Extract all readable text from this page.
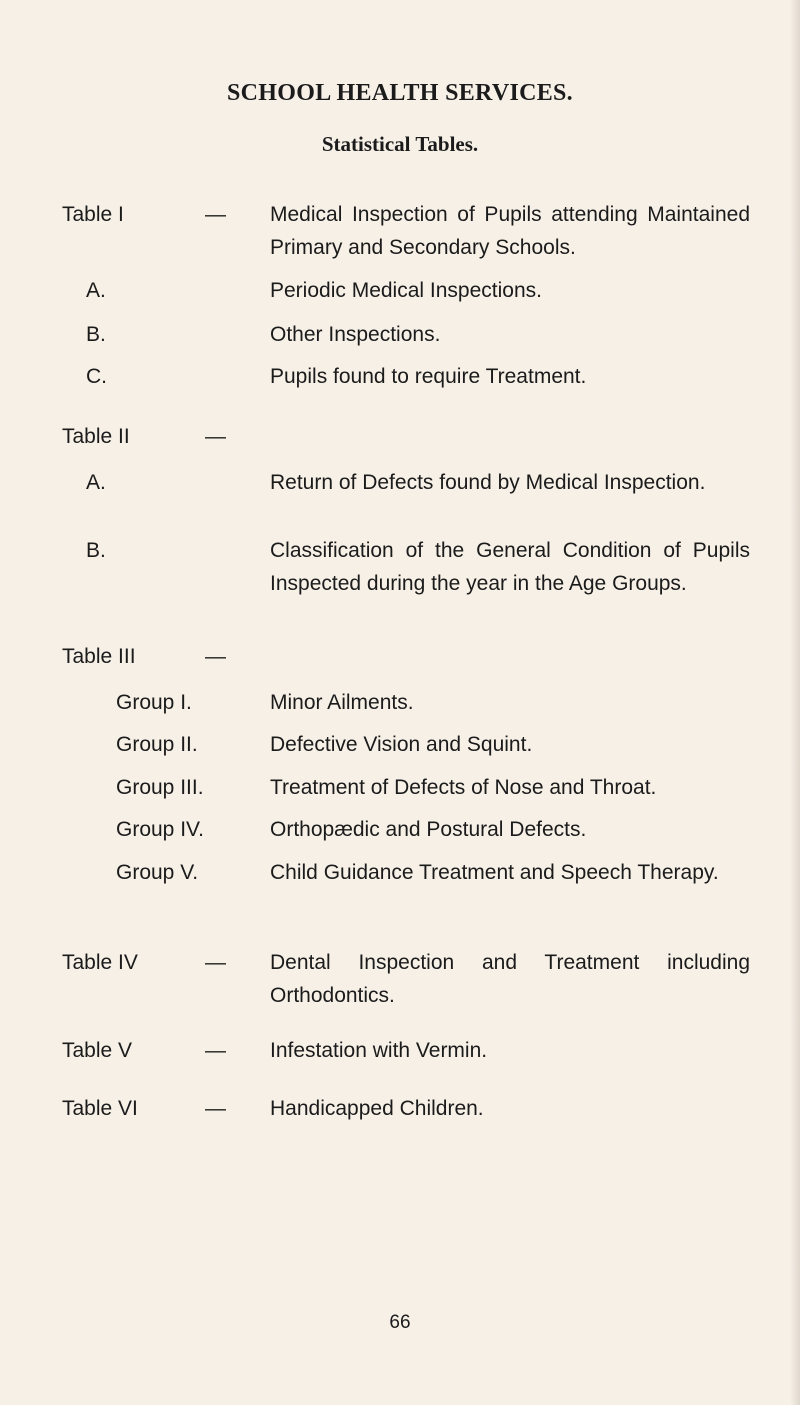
SCHOOL HEALTH SERVICES.
Statistical Tables.
Table I	— Medical Inspection of Pupils attending Maintained Primary and Secondary Schools.
A.	Periodic Medical Inspections.
B.	Other Inspections.
C.	Pupils found to require Treatment.
Table II	—
A.	Return of Defects found by Medical Inspection.
B.	Classification of the General Condition of Pupils Inspected during the year in the Age Groups.
Table III	—
Group I.	Minor Ailments.
Group II.	Defective Vision and Squint.
Group III.	Treatment of Defects of Nose and Throat.
Group IV.	Orthopædic and Postural Defects.
Group V.	Child Guidance Treatment and Speech Therapy.
Table IV	— Dental Inspection and Treatment including Orthodontics.
Table V	— Infestation with Vermin.
Table VI	— Handicapped Children.

66
